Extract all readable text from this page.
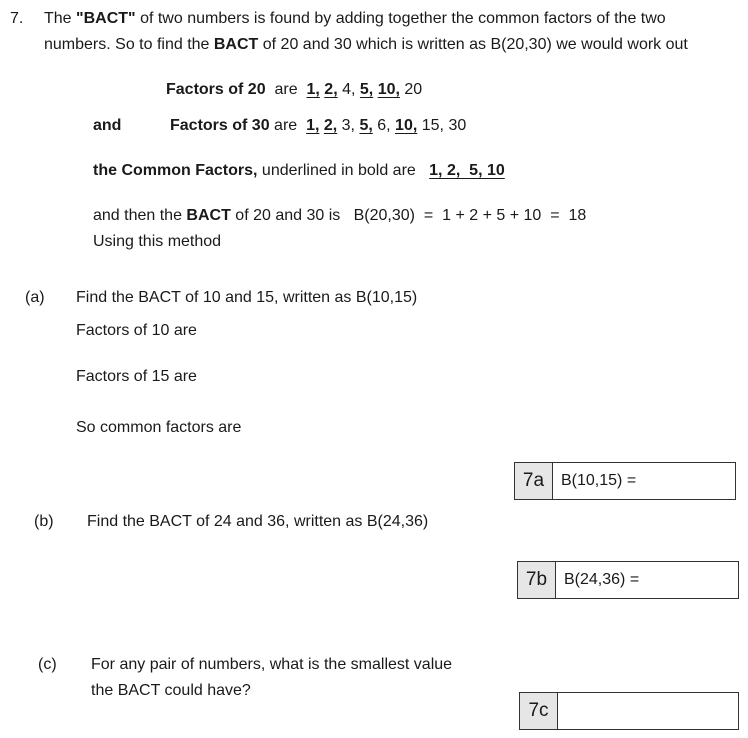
7. The "BACT" of two numbers is found by adding together the common factors of the two
numbers. So to find the BACT of 20 and 30 which is written as B(20,30) we would work out
Factors of 20 are 1, 2, 4, 5, 10, 20
and	Factors of 30 are 1, 2, 3, 5, 6, 10, 15, 30
the Common Factors, underlined in bold are 1, 2,  5, 10
and then the BACT of 20 and 30 is B(20,30)  =  1 + 2 + 5 + 10  =  18
Using this method
(a) Find the BACT of 10 and 15, written as B(10,15)
Factors of 10 are
Factors of 15 are
So common factors are
7a	B(10,15) =
(b) Find the BACT of 24 and 36, written as B(24,36)
7b	B(24,36) =
(c) For any pair of numbers, what is the smallest value
the BACT could have?
7c
